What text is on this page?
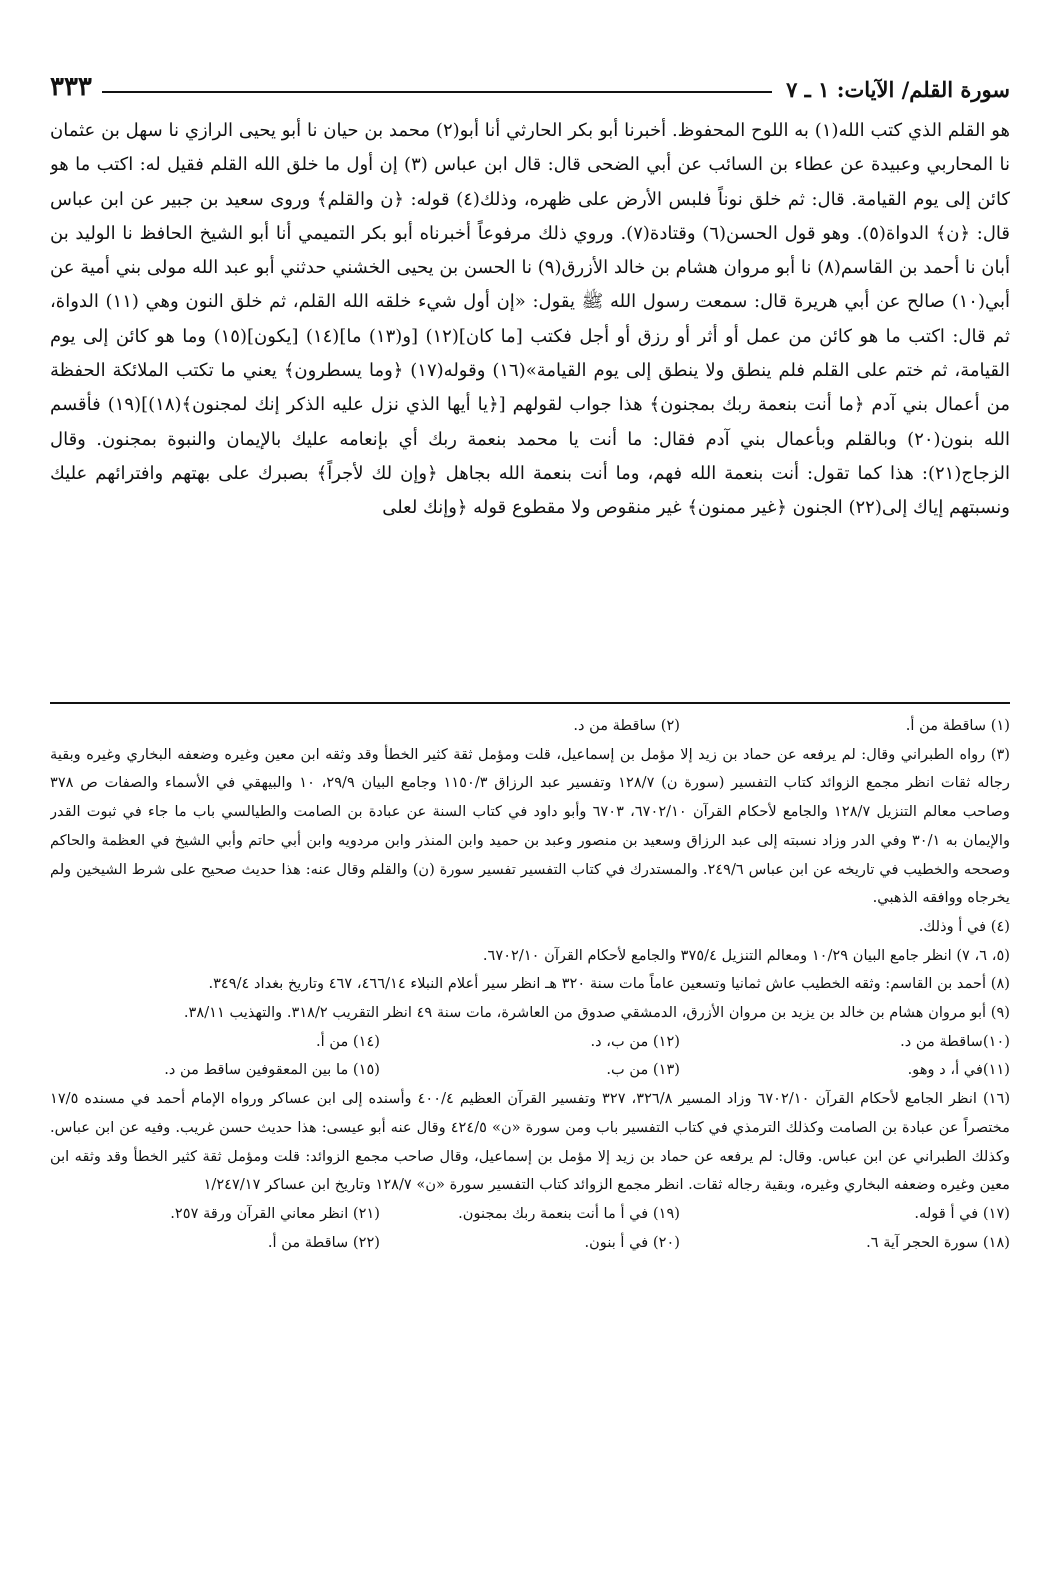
سورة القلم/ الآيات: ١ ـ ٧
٣٣٣

هو القلم الذي كتب الله(١) به اللوح المحفوظ. أخبرنا أبو بكر الحارثي أنا أبو(٢) محمد بن حيان نا أبو يحيى الرازي نا سهل بن عثمان نا المحاربي وعبيدة عن عطاء بن السائب عن أبي الضحى قال: قال ابن عباس (٣) إن أول ما خلق الله القلم فقيل له: اكتب ما هو كائن إلى يوم القيامة. قال: ثم خلق نوناً فلبس الأرض على ظهره، وذلك(٤) قوله: ﴿ن والقلم﴾ وروى سعيد بن جبير عن ابن عباس قال: ﴿ن﴾ الدواة(٥). وهو قول الحسن(٦) وقتادة(٧). وروي ذلك مرفوعاً أخبرناه أبو بكر التميمي أنا أبو الشيخ الحافظ نا الوليد بن أبان نا أحمد بن القاسم(٨) نا أبو مروان هشام بن خالد الأزرق(٩) نا الحسن بن يحيى الخشني حدثني أبو عبد الله مولى بني أمية عن أبي(١٠) صالح عن أبي هريرة قال: سمعت رسول الله ﷺ يقول: «إن أول شيء خلقه الله القلم، ثم خلق النون وهي (١١) الدواة، ثم قال: اكتب ما هو كائن من عمل أو أثر أو رزق أو أجل فكتب [ما كان](١٢) [و(١٣) ما](١٤) [يكون](١٥) وما هو كائن إلى يوم القيامة، ثم ختم على القلم فلم ينطق ولا ينطق إلى يوم القيامة»(١٦) وقوله(١٧) ﴿وما يسطرون﴾ يعني ما تكتب الملائكة الحفظة من أعمال بني آدم ﴿ما أنت بنعمة ربك بمجنون﴾ هذا جواب لقولهم [﴿يا أيها الذي نزل عليه الذكر إنك لمجنون﴾(١٨)](١٩) فأقسم الله بنون(٢٠) وبالقلم وبأعمال بني آدم فقال: ما أنت يا محمد بنعمة ربك أي بإنعامه عليك بالإيمان والنبوة بمجنون. وقال الزجاج(٢١): هذا كما تقول: أنت بنعمة الله فهم، وما أنت بنعمة الله بجاهل ﴿وإن لك لأجراً﴾ بصبرك على بهتهم وافترائهم عليك ونسبتهم إياك إلى(٢٢) الجنون ﴿غير ممنون﴾ غير منقوص ولا مقطوع قوله ﴿وإنك لعلى

(١) ساقطة من أ.
(٢) ساقطة من د.

(٣) رواه الطبراني وقال: لم يرفعه عن حماد بن زيد إلا مؤمل بن إسماعيل، قلت ومؤمل ثقة كثير الخطأ وقد وثقه ابن معين وغيره وضعفه البخاري وغيره وبقية رجاله ثقات انظر مجمع الزوائد كتاب التفسير (سورة ن) ١٢٨/٧ وتفسير عبد الرزاق ١١٥٠/٣ وجامع البيان ٢٩/٩، ١٠ والبيهقي في الأسماء والصفات ص ٣٧٨ وصاحب معالم التنزيل ١٢٨/٧ والجامع لأحكام القرآن ٦٧٠٢/١٠، ٦٧٠٣ وأبو داود في كتاب السنة عن عبادة بن الصامت والطيالسي باب ما جاء في ثبوت القدر والإيمان به ٣٠/١ وفي الدر وزاد نسبته إلى عبد الرزاق وسعيد بن منصور وعبد بن حميد وابن المنذر وابن مردويه وابن أبي حاتم وأبي الشيخ في العظمة والحاكم وصححه والخطيب في تاريخه عن ابن عباس ٢٤٩/٦. والمستدرك في كتاب التفسير تفسير سورة (ن) والقلم وقال عنه: هذا حديث صحيح على شرط الشيخين ولم يخرجاه ووافقه الذهبي.

(٤) في أ وذلك.

(٥، ٦، ٧) انظر جامع البيان ١٠/٢٩ ومعالم التنزيل ٣٧٥/٤ والجامع لأحكام القرآن ٦٧٠٢/١٠.

(٨) أحمد بن القاسم: وثقه الخطيب عاش ثمانيا وتسعين عاماً مات سنة ٣٢٠ هـ انظر سير أعلام النبلاء ٤٦٦/١٤، ٤٦٧ وتاريخ بغداد ٣٤٩/٤.

(٩) أبو مروان هشام بن خالد بن يزيد بن مروان الأزرق، الدمشقي صدوق من العاشرة، مات سنة ٤٩ انظر التقريب ٣١٨/٢. والتهذيب ٣٨/١١.

(١٠)ساقطة من د.
(١٢) من ب، د.
(١٤) من أ.
(١١)في أ، د وهو.
(١٣) من ب.
(١٥) ما بين المعقوفين ساقط من د.

(١٦) انظر الجامع لأحكام القرآن ٦٧٠٢/١٠ وزاد المسير ٣٢٦/٨، ٣٢٧ وتفسير القرآن العظيم ٤٠٠/٤ وأسنده إلى ابن عساكر ورواه الإمام أحمد في مسنده ١٧/٥ مختصراً عن عبادة بن الصامت وكذلك الترمذي في كتاب التفسير باب ومن سورة «ن» ٤٢٤/٥ وقال عنه أبو عيسى: هذا حديث حسن غريب. وفيه عن ابن عباس. وكذلك الطبراني عن ابن عباس. وقال: لم يرفعه عن حماد بن زيد إلا مؤمل بن إسماعيل، وقال صاحب مجمع الزوائد: قلت ومؤمل ثقة كثير الخطأ وقد وثقه ابن معين وغيره وضعفه البخاري وغيره، وبقية رجاله ثقات. انظر مجمع الزوائد كتاب التفسير سورة «ن» ١٢٨/٧ وتاريخ ابن عساكر ١/٢٤٧/١٧

(١٧) في أ قوله.
(١٩) في أ ما أنت بنعمة ربك بمجنون.
(٢١) انظر معاني القرآن ورقة ٢٥٧.
(١٨) سورة الحجر آية ٦.
(٢٠) في أ بنون.
(٢٢) ساقطة من أ.
